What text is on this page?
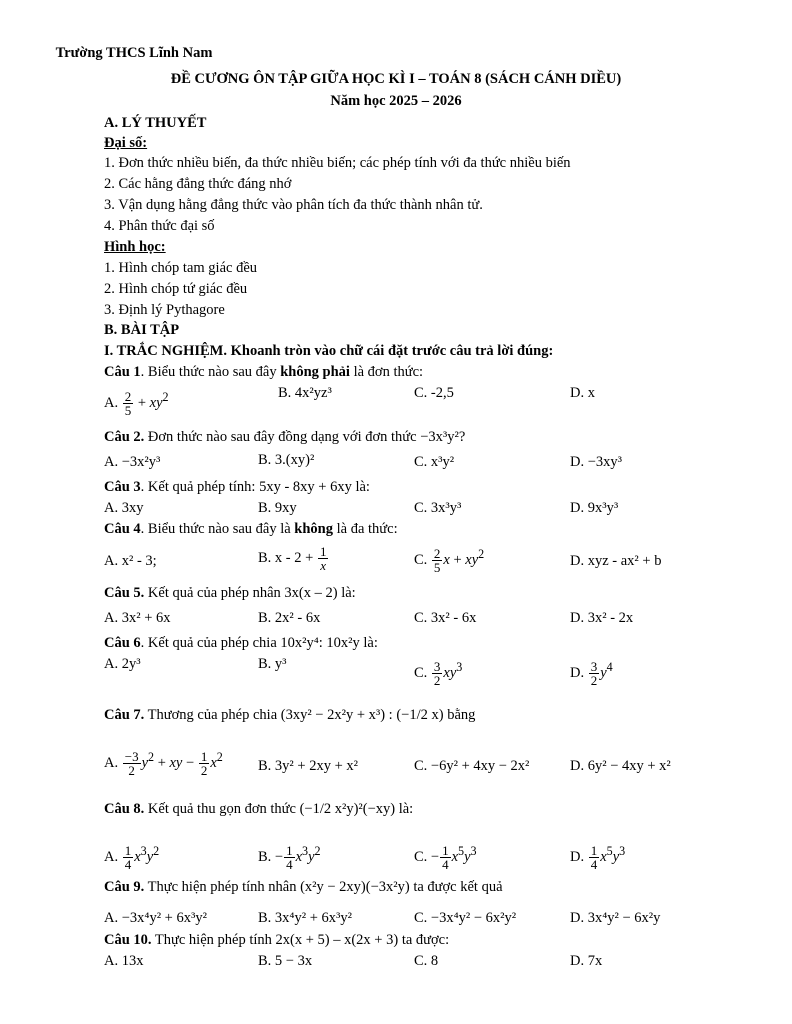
Trường THCS Lĩnh Nam
ĐỀ CƯƠNG ÔN TẬP GIỮA HỌC KÌ I – TOÁN 8 (SÁCH CÁNH DIỀU)
Năm học 2025 – 2026
A. LÝ THUYẾT
Đại số:
1. Đơn thức nhiều biến, đa thức nhiều biến; các phép tính với đa thức nhiều biến
2. Các hằng đẳng thức đáng nhớ
3. Vận dụng hằng đẳng thức vào phân tích đa thức thành nhân tử.
4. Phân thức đại số
Hình học:
1. Hình chóp tam giác đều
2. Hình chóp tứ giác đều
3. Định lý Pythagore
B. BÀI TẬP
I. TRẮC NGHIỆM. Khoanh tròn vào chữ cái đặt trước câu trả lời đúng:
Câu 1. Biểu thức nào sau đây không phải là đơn thức:
A. $\frac{2}{5} + xy^2$	B. 4x²yz³	C. -2,5	D. x
Câu 2. Đơn thức nào sau đây đồng dạng với đơn thức −3x³y²?
A. −3x²y³	B. 3.(xy)²	C. x³y²	D. −3xy³
Câu 3. Kết quả phép tính: 5xy - 8xy + 6xy là:
A. 3xy	B. 9xy	C. 3x³y³	D. 9x³y³
Câu 4. Biểu thức nào sau đây là không là đa thức:
A. x² - 3;	B. $x - 2 + \frac{1}{x}$	C. $\frac{2}{5}$ $x + xy^2$	D. xyz - ax² + b
Câu 5. Kết quả của phép nhân 3x(x – 2) là:
A. 3x² + 6x	B. 2x² - 6x	C. 3x² - 6x	D. 3x² - 2x
Câu 6. Kết quả của phép chia 10x²y⁴: 10x²y là:
A. 2y³	B. y³
C. $\frac{3}{2} xy^3$	D. $\frac{3}{2} y^4$
Câu 7. Thương của phép chia (3xy² − 2x²y + x³) : (−1/2 x) bằng
A. $\frac{-3}{2} y^2$ + xy − $\frac{1}{2} x^2$
B. 3y² + 2xy + x²	C. −6y² + 4xy − 2x²	D. 6y² − 4xy + x²
Câu 8. Kết quả thu gọn đơn thức (−1/2 x²y)²(−xy) là:
A. $\frac{1}{4} x^3y^2$	B. − $\frac{1}{4} x^3y^2$	C. − $\frac{1}{4} x^5y^3$	D. $\frac{1}{4} x^5y^3$
Câu 9. Thực hiện phép tính nhân (x²y − 2xy)(−3x²y) ta được kết quả
A. −3x⁴y² + 6x³y²	B. 3x⁴y² + 6x³y²	C. −3x⁴y² − 6x²y²	D. 3x⁴y² − 6x²y
Câu 10. Thực hiện phép tính 2x(x + 5) – x(2x + 3) ta được:
A. 13x	B. 5 − 3x	C. 8	D. 7x
